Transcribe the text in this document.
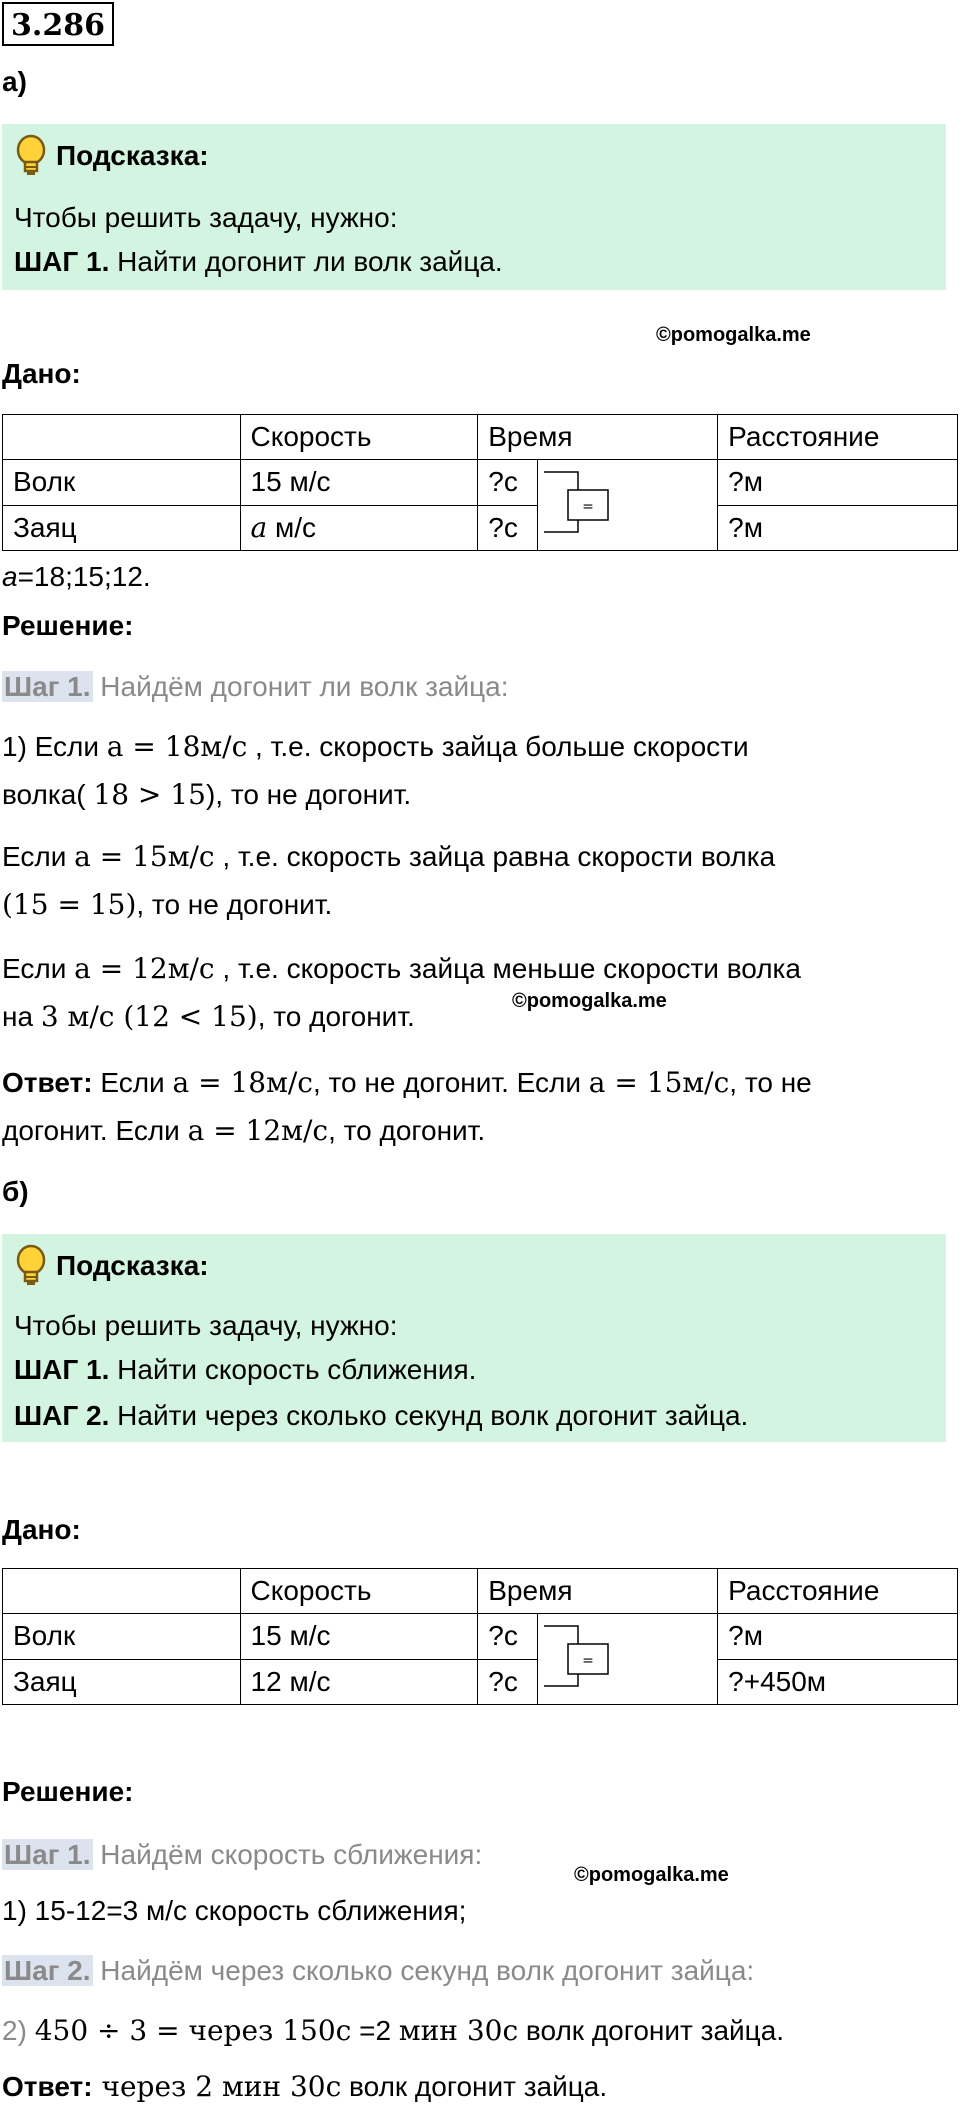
3.286
а)
Подсказка:
Чтобы решить задачу, нужно:
ШАГ 1. Найти догонит ли волк зайца.
©pomogalka.me
Дано:
	Скорость	Время		Расстояние
Волк	15 м/с	?с	=	?м
Заяц	a м/с	?с		?м
a=18;15;12.
Решение:
Шаг 1. Найдём догонит ли волк зайца:
1) Если a = 18м/с , т.е. скорость зайца больше скорости
волка( 18 > 15), то не догонит.
Если a = 15м/с , т.е. скорость зайца равна скорости волка
(15 = 15), то не догонит.
Если a = 12м/с , т.е. скорость зайца меньше скорости волка
на 3 м/с (12 < 15), то догонит.	©pomogalka.me
Ответ: Если a = 18м/с, то не догонит. Если a = 15м/с, то не
догонит. Если a = 12м/с, то догонит.
б)
Подсказка:
Чтобы решить задачу, нужно:
ШАГ 1. Найти скорость сближения.
ШАГ 2. Найти через сколько секунд волк догонит зайца.
Дано:
	Скорость	Время		Расстояние
Волк	15 м/с	?с	=	?м
Заяц	12 м/с	?с		?+450м
Решение:
Шаг 1. Найдём скорость сближения:
©pomogalka.me
1) 15-12=3 м/с скорость сближения;
Шаг 2. Найдём через сколько секунд волк догонит зайца:
2) 450 ÷ 3 = через 150с =2 мин 30с волк догонит зайца.
Ответ: через 2 мин 30с волк догонит зайца.
